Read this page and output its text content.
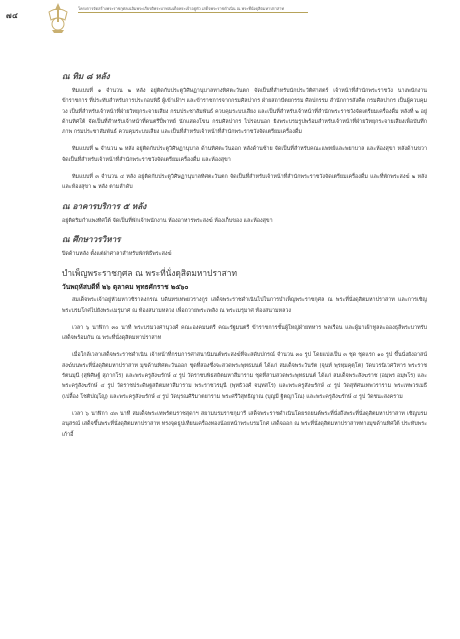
๗๔
โครงการจัดสร้างพระราชกุศลเฉลิมพระเกียรติพระบาทสมเด็จพระเจ้าอยู่หัว เสด็จพระราชดำเนิน ณ พระที่นั่งดุสิตมหาปราสาท
ณ ทิม ๘ หลัง

ทิมแบบที่ ๑ จำนวน ๒ หลัง อยู่ติดกับประตูวิศิษฏานุบาลทางทิศตะวันตก จัดเป็นที่สำหรับนักประวัติศาสตร์ เจ้าหน้าที่สำนักพระราชวัง นางพนักงาน ข้าราชการ ที่ประทับสำหรับการประกอบพิธี ผู้เข้าเฝ้าฯ และข้าราชการจากกรมศิลปากร ฝ่ายสถาปัตยกรรม ศิลปกรรม สำนักการสังคีต กรมศิลปากร เป็นผู้ควบคุมวง เป็นที่สำหรับเจ้าหน้าที่ฝ่ายวิทยุกระจายเสียง กรมประชาสัมพันธ์ ควบคุมระบบเสียง และเป็นที่สำหรับเจ้าหน้าที่สำนักพระราชวังจัดเตรียมเครื่องดื่ม หลังที่ ๒ อยู่ด้านทิศใต้ จัดเป็นที่สำหรับเจ้าหน้าที่ดนตรีปี่พาทย์ นักแสดงโขน กรมศิลปากร ไปรอบนอก ยิงพระบรมรูปพร้อมสำหรับเจ้าหน้าที่ฝ่ายวิทยุกระจายเสียงเพื่อบันทึกภาพ กรมประชาสัมพันธ์ ควบคุมระบบเสียง และเป็นที่สำหรับเจ้าหน้าที่สำนักพระราชวังจัดเตรียมเครื่องดื่ม

ทิมแบบที่ ๒ จำนวน ๒ หลัง อยู่ติดกับประตูวิศิษฏานุบาล ด้านทิศตะวันออก หลังด้านซ้าย จัดเป็นที่สำหรับคณะแพทย์และพยาบาล และห้องสุขา หลังด้านขวา จัดเป็นที่สำหรับเจ้าหน้าที่สำนักพระราชวังจัดเตรียมเครื่องดื่ม และห้องสุขา

ทิมแบบที่ ๓ จำนวน ๔ หลัง อยู่ติดกับประตูวิศิษฏานุบาลทิศตะวันตก จัดเป็นที่สำหรับเจ้าหน้าที่สำนักพระราชวังจัดเตรียมเครื่องดื่ม และที่พักพระสงฆ์ ๒ หลัง และห้องสุขา ๒ หลัง ตามลำดับ

ณ อาคารบริการ ๕ หลัง

อยู่ติดริมกำแพงทิศใต้ จัดเป็นที่พักเจ้าพนักงาน ห้องอาหารพระสงฆ์ ห้องเก็บของ และห้องสุขา

ณ ศึกษาวรวิหาร

ปิดด้านหลัง ตั้งแต่ฝาศาลาสำหรับพักพิธีพระสงฆ์

บำเพ็ญพระราชกุศล ณ พระที่นั่งดุสิตมหาปราสาท
วันพฤหัสบดีที่ ๒๖ ตุลาคม พุทธศักราช ๒๕๖๐

สมเด็จพระเจ้าอยู่หัวมหาวชิราลงกรณ บดินทรเทพยวรางกูร เสด็จพระราชดำเนินไปในการบำเพ็ญพระราชกุศล ณ พระที่นั่งดุสิตมหาปราสาท และการเชิญพระบรมโกศไปยังพระเมรุมาศ ณ ท้องสนามหลวง เพื่อถวายพระเพลิง ณ พระเมรุมาศ ท้องสนามหลวง

เวลา ๖ นาฬิกา ๓๐ นาที พระบรมวงศานุวงศ์ คณะองคมนตรี คณะรัฐมนตรี ข้าราชการชั้นผู้ใหญ่ฝ่ายทหาร พลเรือน และผู้มาเฝ้าทูลละอองธุลีพระบาทรับเสด็จพร้อมกัน ณ พระที่นั่งดุสิตมหาปราสาท

เมื่อใกล้เวลาเสด็จพระราชดำเนิน เจ้าหน้าที่กรมการศาสนานิมนต์พระสงฆ์ที่จะสดับปกรณ์ จำนวน ๓๐ รูป โดยแบ่งเป็น ๓ ชุด ชุดแรก ๑๐ รูป ขึ้นนั่งยังอาสน์สงฆ์บนพระที่นั่งดุสิตมหาปราสาท มุขด้านทิศตะวันออก ชุดที่สองซึ่งจะสวดพระพุทธมนต์ ได้แก่ สมเด็จพระวันรัต (จุนท์ พฺรหฺมคุตฺโต) วัดบวรนิเวศวิหาร พระราชรัตนมุนี (สุพิศิษฐ์ สุภากโร) และพระครูสังฆรักษ์ ๔ รูป วัดราชบพิธสถิตมหาสีมาราม ชุดที่สามสวดพระพุทธมนต์ ได้แก่ สมเด็จพระสังฆราช (อมฺพร อมฺพโร) และพระครูสังฆรักษ์ ๔ รูป วัดราชประดิษฐสถิตมหาสีมาราม พระราชวรมุนี (พุทธิวงศ์ จนฺทสโร) และพระครูสังฆรักษ์ ๔ รูป วัดสุทัศนเทพวราราม พระเทพวรเมธี (เปลื้อง โชติปญฺโญ) และพระครูสังฆรักษ์ ๔ รูป วัดบุรณศิริมาตยาราม พระศรีวิสุทธิญาณ (บุญมี ฐิตญาโณ) และพระครูสังฆรักษ์ ๔ รูป วัดชนะสงคราม

เวลา ๖ นาฬิกา ๔๓ นาที สมเด็จพระเทพรัตนราชสุดาฯ สยามบรมราชกุมารี เสด็จพระราชดำเนินโดยรถยนต์พระที่นั่งถึงพระที่นั่งดุสิตมหาปราสาท เชิญบรมอนุสรณ์ เสด็จขึ้นพระที่นั่งดุสิตมหาปราสาท ทรงจุดธูปเทียนเครื่องทองน้อยหน้าพระบรมโกศ เสด็จออก ณ พระที่นั่งดุสิตมหาปราสาททางมุขด้านทิศใต้ ประทับพระเก้าอี้
